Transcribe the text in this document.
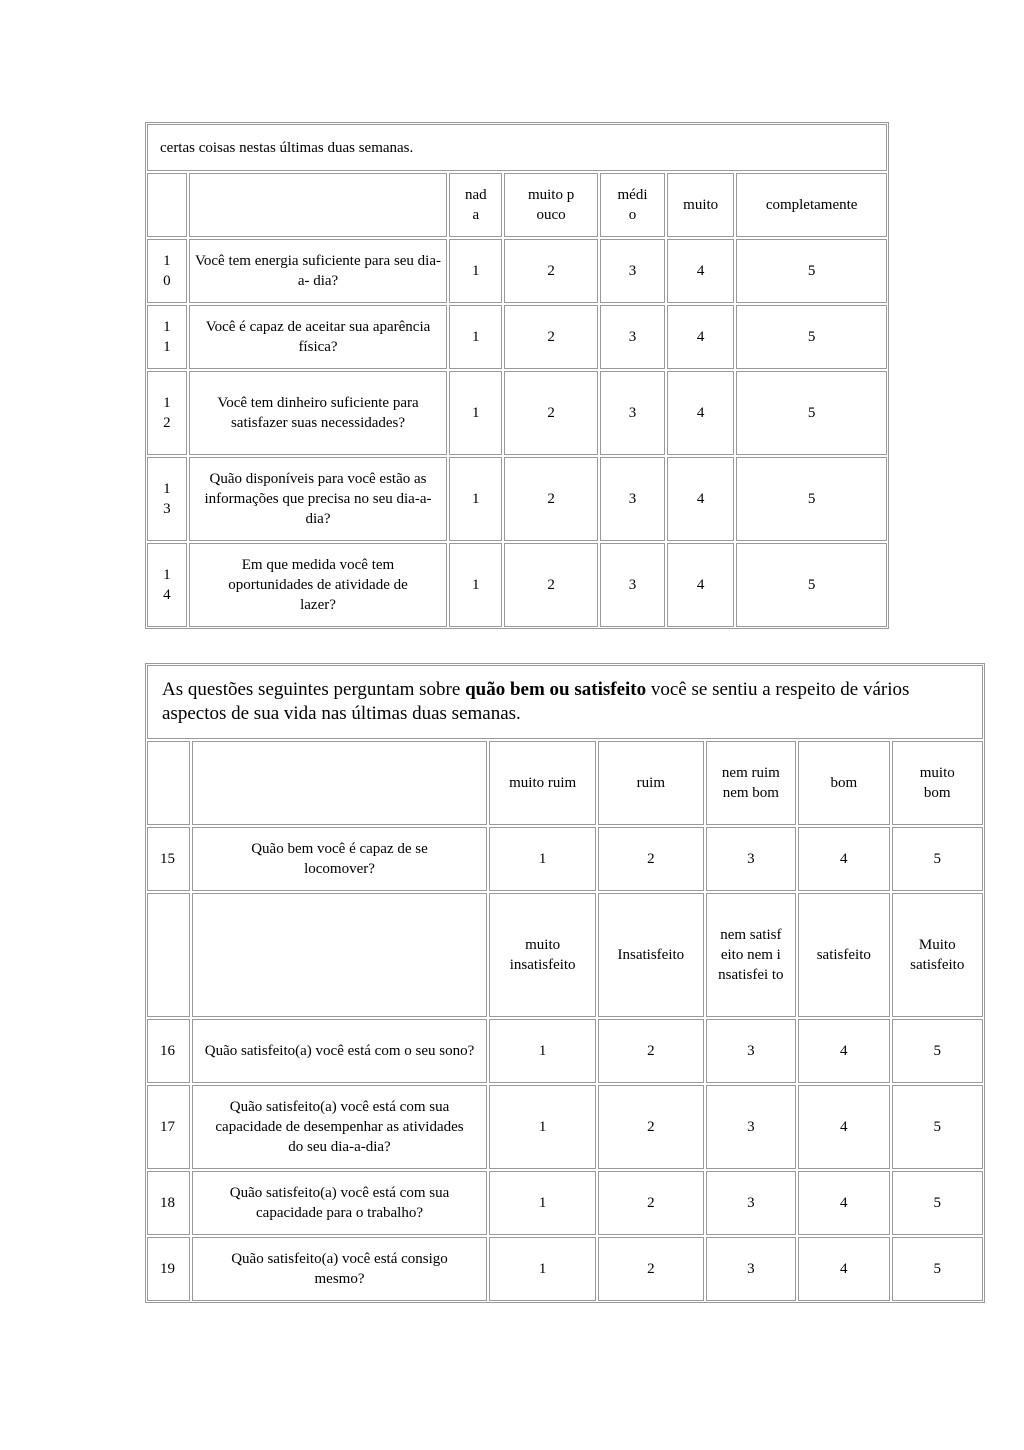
certas coisas nestas últimas duas semanas.						
		nad a	muito pouco	médi o	muito	completamente
1 0	Você tem energia suficiente para seu dia-a- dia?	1	2	3	4	5
1 1	Você é capaz de aceitar sua aparência física?	1	2	3	4	5
1 2	Você tem dinheiro suficiente para satisfazer suas necessidades?	1	2	3	4	5
1 3	Quão disponíveis para você estão as informações que precisa no seu dia-a-dia?	1	2	3	4	5
1 4	Em que medida você tem oportunidades de atividade de lazer?	1	2	3	4	5
As questões seguintes perguntam sobre quão bem ou satisfeito você se sentiu a respeito de vários aspectos de sua vida nas últimas duas semanas.						
		muito ruim	ruim	nem ruim nem bom	bom	muito bom
15	Quão bem você é capaz de se locomover?	1	2	3	4	5
		muito insatisfeito	Insatisfeito	nem satisfeito nem insatisfei to	satisfeito	Muito satisfeito
16	Quão satisfeito(a) você está com o seu sono?	1	2	3	4	5
17	Quão satisfeito(a) você está com sua capacidade de desempenhar as atividades do seu dia-a-dia?	1	2	3	4	5
18	Quão satisfeito(a) você está com sua capacidade para o trabalho?	1	2	3	4	5
19	Quão satisfeito(a) você está consigo mesmo?	1	2	3	4	5
